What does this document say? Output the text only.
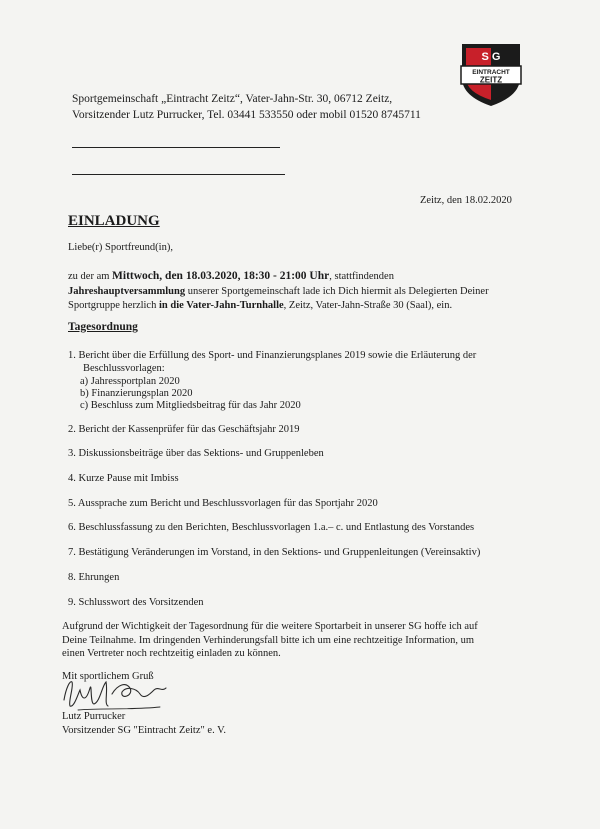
S G
EINTRACHT
ZEITZ
Sportgemeinschaft „Eintracht Zeitz“, Vater-Jahn-Str. 30, 06712 Zeitz,
Vorsitzender Lutz Purrucker, Tel. 03441 533550 oder mobil 01520 8745711
Zeitz, den 18.02.2020
EINLADUNG
Liebe(r) Sportfreund(in),
zu der am Mittwoch, den 18.03.2020, 18:30 - 21:00 Uhr, stattfindenden
Jahreshauptversammlung unserer Sportgemeinschaft lade ich Dich hiermit als Delegierten Deiner
Sportgruppe herzlich in die Vater-Jahn-Turnhalle, Zeitz, Vater-Jahn-Straße 30 (Saal), ein.
Tagesordnung
1. Bericht über die Erfüllung des Sport- und Finanzierungsplanes 2019 sowie die Erläuterung der
Beschlussvorlagen:
a) Jahressportplan 2020
b) Finanzierungsplan 2020
c) Beschluss zum Mitgliedsbeitrag für das Jahr 2020
2. Bericht der Kassenprüfer für das Geschäftsjahr 2019
3. Diskussionsbeiträge über das Sektions- und Gruppenleben
4. Kurze Pause mit Imbiss
5. Aussprache zum Bericht und Beschlussvorlagen für das Sportjahr 2020
6. Beschlussfassung zu den Berichten, Beschlussvorlagen 1.a.– c. und Entlastung des Vorstandes
7. Bestätigung Veränderungen im Vorstand, in den Sektions- und Gruppenleitungen (Vereinsaktiv)
8. Ehrungen
9. Schlusswort des Vorsitzenden
Aufgrund der Wichtigkeit der Tagesordnung für die weitere Sportarbeit in unserer SG hoffe ich auf
Deine Teilnahme. Im dringenden Verhinderungsfall bitte ich um eine rechtzeitige Information, um
einen Vertreter noch rechtzeitig einladen zu können.
Mit sportlichem Gruß
Lutz Purrucker
Vorsitzender SG "Eintracht Zeitz" e. V.
